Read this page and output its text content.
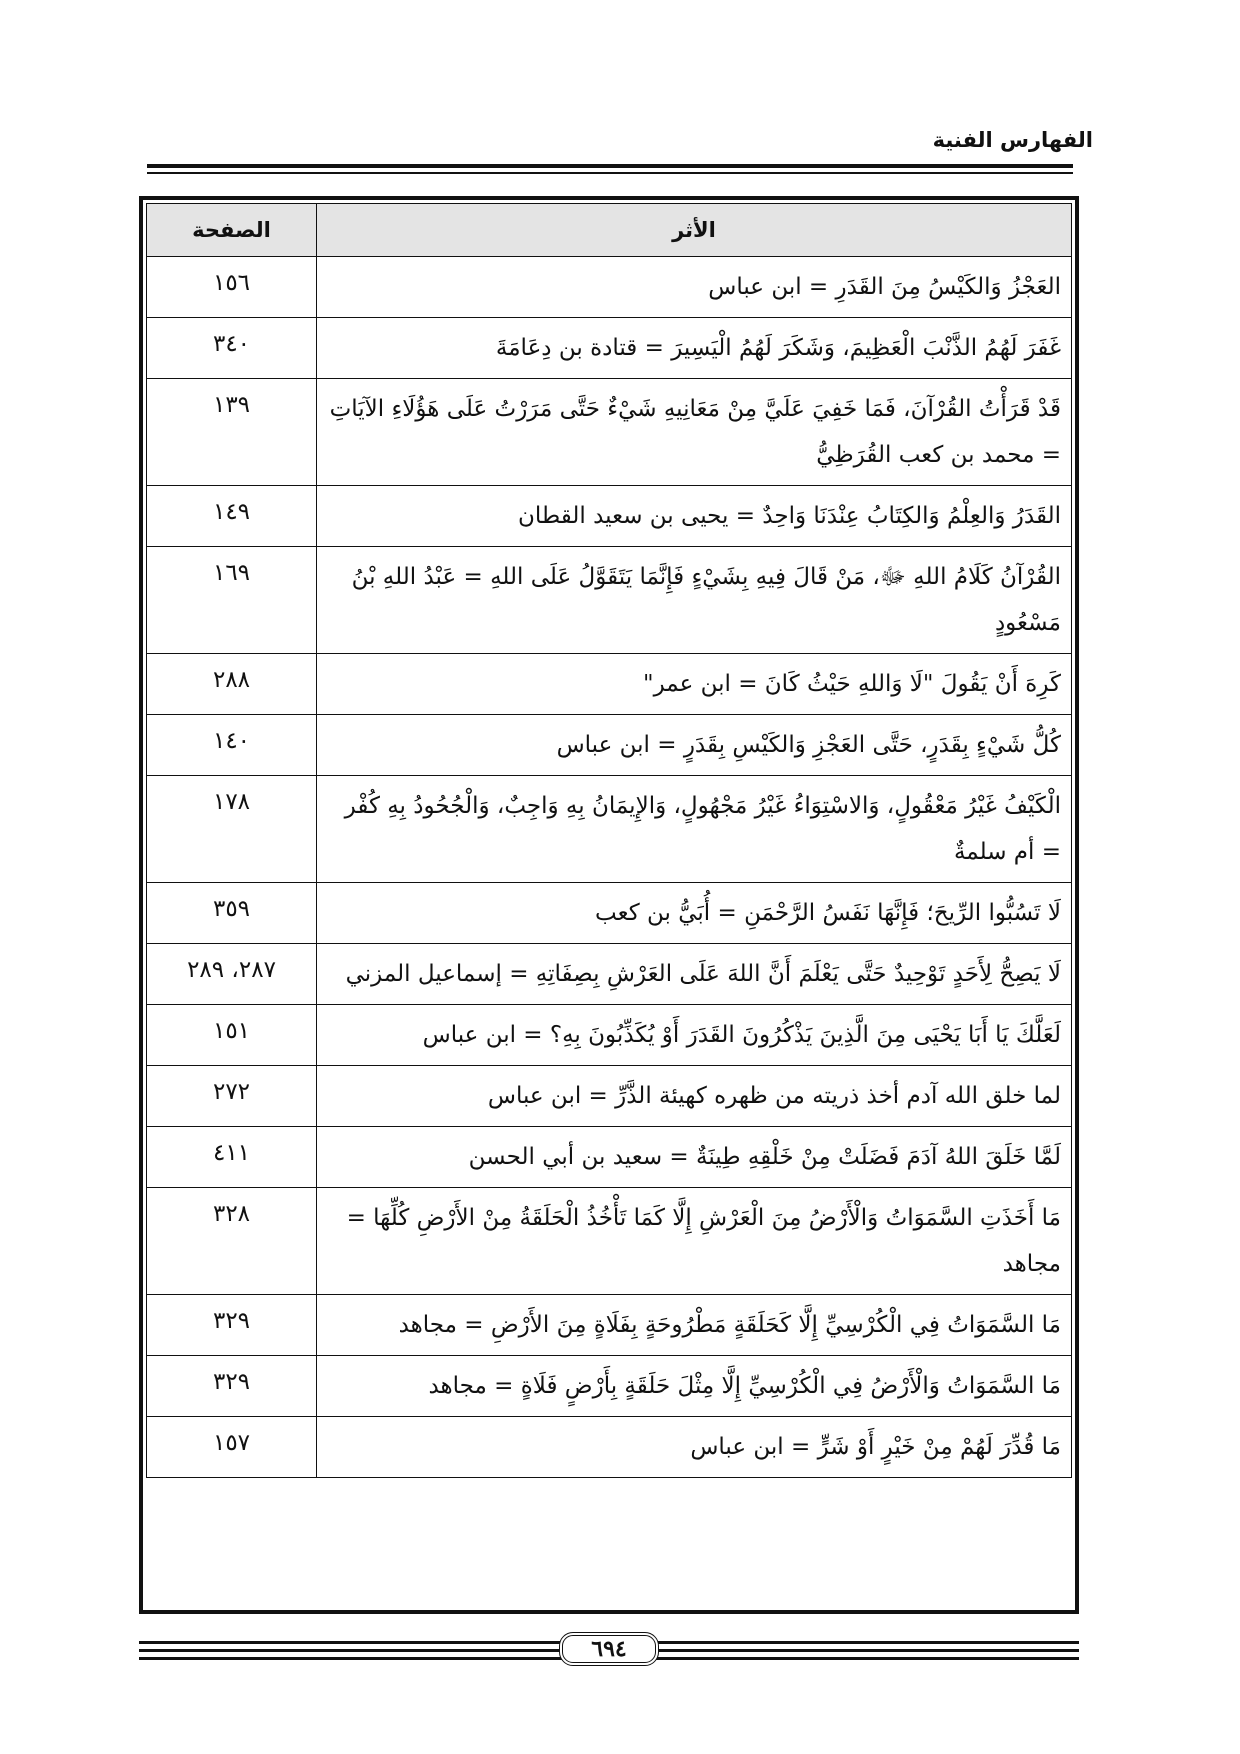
الفهارس الفنية
الأثر	الصفحة
العَجْزُ وَالكَيْسُ مِنَ القَدَرِ = ابن عباس	١٥٦
غَفَرَ لَهُمُ الذَّنْبَ الْعَظِيمَ، وَشَكَرَ لَهُمُ الْيَسِيرَ = قتادة بن دِعَامَةَ	٣٤٠
قَدْ قَرَأْتُ القُرْآنَ، فَمَا خَفِيَ عَلَيَّ مِنْ مَعَانِيهِ شَيْءٌ حَتَّى مَرَرْتُ عَلَى هَؤُلَاءِ الآيَاتِ = محمد بن كعب القُرَظِيُّ	١٣٩
القَدَرُ وَالعِلْمُ وَالكِتَابُ عِنْدَنَا وَاحِدٌ = يحيى بن سعيد القطان	١٤٩
القُرْآنُ كَلَامُ اللهِ ﷻ، مَنْ قَالَ فِيهِ بِشَيْءٍ فَإِنَّمَا يَتَقَوَّلُ عَلَى اللهِ = عَبْدُ اللهِ بْنُ مَسْعُودٍ	١٦٩
كَرِهَ أَنْ يَقُولَ "لَا وَاللهِ حَيْثُ كَانَ = ابن عمر"	٢٨٨
كُلُّ شَيْءٍ بِقَدَرٍ، حَتَّى العَجْزِ وَالكَيْسِ بِقَدَرٍ = ابن عباس	١٤٠
الْكَيْفُ غَيْرُ مَعْقُولٍ، وَالاسْتِوَاءُ غَيْرُ مَجْهُولٍ، وَالإِيمَانُ بِهِ وَاجِبٌ، وَالْجُحُودُ بِهِ كُفْر = أم سلمةٌ	١٧٨
لَا تَسُبُّوا الرِّيحَ؛ فَإِنَّهَا نَفَسُ الرَّحْمَنِ = أُبَيُّ بن كعب	٣٥٩
لَا يَصِحُّ لِأَحَدٍ تَوْحِيدٌ حَتَّى يَعْلَمَ أَنَّ اللهَ عَلَى العَرْشِ بِصِفَاتِهِ = إسماعيل المزني	٢٨٧، ٢٨٩
لَعَلَّكَ يَا أَبَا يَحْيَى مِنَ الَّذِينَ يَذْكُرُونَ القَدَرَ أَوْ يُكَذِّبُونَ بِهِ؟ = ابن عباس	١٥١
لما خلق الله آدم أخذ ذريته من ظهره كهيئة الذَّرِّ = ابن عباس	٢٧٢
لَمَّا خَلَقَ اللهُ آدَمَ فَضَلَتْ مِنْ خَلْقِهِ طِينَةٌ = سعيد بن أبي الحسن	٤١١
مَا أَخَذَتِ السَّمَوَاتُ وَالْأَرْضُ مِنَ الْعَرْشِ إِلَّا كَمَا تَأْخُذُ الْحَلَقَةُ مِنْ الأَرْضِ كُلِّهَا = مجاهد	٣٢٨
مَا السَّمَوَاتُ فِي الْكُرْسِيِّ إِلَّا كَحَلَقَةٍ مَطْرُوحَةٍ بِفَلَاةٍ مِنَ الأَرْضِ = مجاهد	٣٢٩
مَا السَّمَوَاتُ وَالْأَرْضُ فِي الْكُرْسِيِّ إِلَّا مِثْلَ حَلَقَةٍ بِأَرْضٍ فَلَاةٍ = مجاهد	٣٢٩
مَا قُدِّرَ لَهُمْ مِنْ خَيْرٍ أَوْ شَرٍّ = ابن عباس	١٥٧
٦٩٤
